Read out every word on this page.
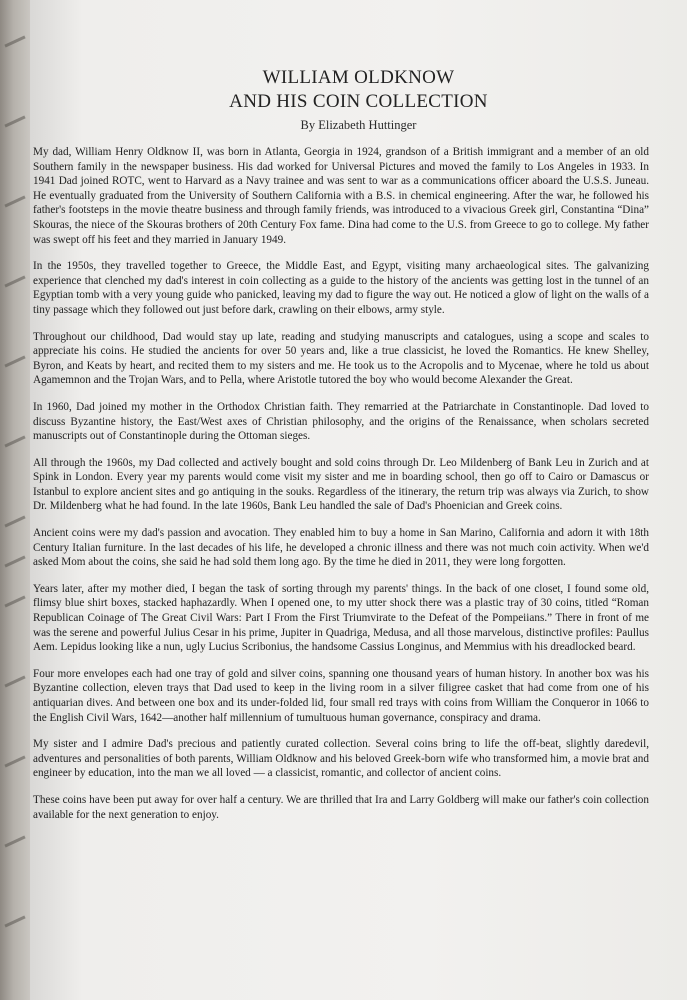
WILLIAM OLDKNOW
AND HIS COIN COLLECTION
By Elizabeth Huttinger

My dad, William Henry Oldknow II, was born in Atlanta, Georgia in 1924, grandson of a British immigrant and a member of an old Southern family in the newspaper business. His dad worked for Universal Pictures and moved the family to Los Angeles in 1933. In 1941 Dad joined ROTC, went to Harvard as a Navy trainee and was sent to war as a communications officer aboard the U.S.S. Juneau. He eventually graduated from the University of Southern California with a B.S. in chemical engineering. After the war, he followed his father's footsteps in the movie theatre business and through family friends, was introduced to a vivacious Greek girl, Constantina “Dina” Skouras, the niece of the Skouras brothers of 20th Century Fox fame. Dina had come to the U.S. from Greece to go to college. My father was swept off his feet and they married in January 1949.

In the 1950s, they travelled together to Greece, the Middle East, and Egypt, visiting many archaeological sites. The galvanizing experience that clenched my dad's interest in coin collecting as a guide to the history of the ancients was getting lost in the tunnel of an Egyptian tomb with a very young guide who panicked, leaving my dad to figure the way out. He noticed a glow of light on the walls of a tiny passage which they followed out just before dark, crawling on their elbows, army style.

Throughout our childhood, Dad would stay up late, reading and studying manuscripts and catalogues, using a scope and scales to appreciate his coins. He studied the ancients for over 50 years and, like a true classicist, he loved the Romantics. He knew Shelley, Byron, and Keats by heart, and recited them to my sisters and me. He took us to the Acropolis and to Mycenae, where he told us about Agamemnon and the Trojan Wars, and to Pella, where Aristotle tutored the boy who would become Alexander the Great.

In 1960, Dad joined my mother in the Orthodox Christian faith. They remarried at the Patriarchate in Constantinople. Dad loved to discuss Byzantine history, the East/West axes of Christian philosophy, and the origins of the Renaissance, when scholars secreted manuscripts out of Constantinople during the Ottoman sieges.

All through the 1960s, my Dad collected and actively bought and sold coins through Dr. Leo Mildenberg of Bank Leu in Zurich and at Spink in London. Every year my parents would come visit my sister and me in boarding school, then go off to Cairo or Damascus or Istanbul to explore ancient sites and go antiquing in the souks. Regardless of the itinerary, the return trip was always via Zurich, to show Dr. Mildenberg what he had found. In the late 1960s, Bank Leu handled the sale of Dad's Phoenician and Greek coins.

Ancient coins were my dad's passion and avocation. They enabled him to buy a home in San Marino, California and adorn it with 18th Century Italian furniture. In the last decades of his life, he developed a chronic illness and there was not much coin activity. When we'd asked Mom about the coins, she said he had sold them long ago. By the time he died in 2011, they were long forgotten.

Years later, after my mother died, I began the task of sorting through my parents' things. In the back of one closet, I found some old, flimsy blue shirt boxes, stacked haphazardly. When I opened one, to my utter shock there was a plastic tray of 30 coins, titled “Roman Republican Coinage of The Great Civil Wars: Part I From the First Triumvirate to the Defeat of the Pompeiians.” There in front of me was the serene and powerful Julius Cesar in his prime, Jupiter in Quadriga, Medusa, and all those marvelous, distinctive profiles: Paullus Aem. Lepidus looking like a nun, ugly Lucius Scribonius, the handsome Cassius Longinus, and Memmius with his dreadlocked beard.

Four more envelopes each had one tray of gold and silver coins, spanning one thousand years of human history. In another box was his Byzantine collection, eleven trays that Dad used to keep in the living room in a silver filigree casket that had come from one of his antiquarian dives. And between one box and its under-folded lid, four small red trays with coins from William the Conqueror in 1066 to the English Civil Wars, 1642—another half millennium of tumultuous human governance, conspiracy and drama.

My sister and I admire Dad's precious and patiently curated collection. Several coins bring to life the off-beat, slightly daredevil, adventures and personalities of both parents, William Oldknow and his beloved Greek-born wife who transformed him, a movie brat and engineer by education, into the man we all loved — a classicist, romantic, and collector of ancient coins.

These coins have been put away for over half a century. We are thrilled that Ira and Larry Goldberg will make our father's coin collection available for the next generation to enjoy.
